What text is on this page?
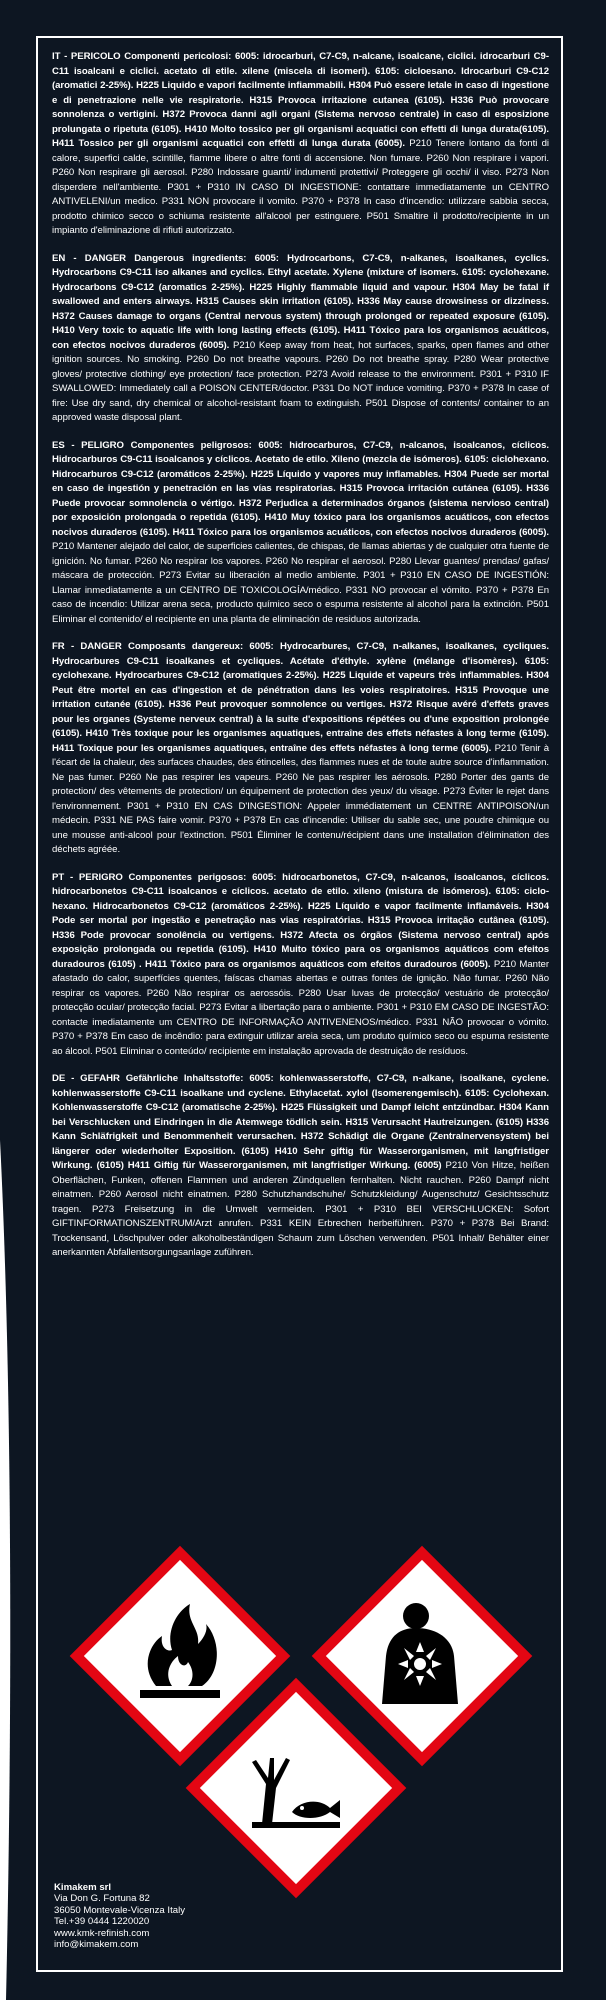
IT - PERICOLO Componenti pericolosi: 6005: idrocarburi, C7-C9, n-alcane, isoalcane, ciclici. idrocarburi C9-C11 isoalcani e ciclici. acetato di etile. xilene (miscela di isomeri). 6105: cicloesano. Idrocarburi C9-C12 (aromatici 2-25%). H225 Liquido e vapori facilmente infiammabili. H304 Può essere letale in caso di ingestione e di penetrazione nelle vie respiratorie. H315 Provoca irritazione cutanea (6105). H336 Può provocare sonnolenza o vertigini. H372 Provoca danni agli organi (Sistema nervoso centrale) in caso di esposizione prolungata o ripetuta (6105). H410 Molto tossico per gli organismi acquatici con effetti di lunga durata(6105). H411 Tossico per gli organismi acquatici con effetti di lunga durata (6005). P210 Tenere lontano da fonti di calore, superfici calde, scintille, fiamme libere o altre fonti di accensione. Non fumare. P260 Non respirare i vapori. P260 Non respirare gli aerosol. P280 Indossare guanti/ indumenti protettivi/ Proteggere gli occhi/ il viso. P273 Non disperdere nell'ambiente. P301 + P310 IN CASO DI INGESTIONE: contattare immediatamente un CENTRO ANTIVELENI/un medico. P331 NON provocare il vomito. P370 + P378 In caso d'incendio: utilizzare sabbia secca, prodotto chimico secco o schiuma resistente all'alcool per estinguere. P501 Smaltire il prodotto/recipiente in un impianto d'eliminazione di rifiuti autorizzato.

EN - DANGER Dangerous ingredients: 6005: Hydrocarbons, C7-C9, n-alkanes, isoalkanes, cyclics. Hydrocarbons C9-C11 iso alkanes and cyclics. Ethyl acetate. Xylene (mixture of isomers. 6105: cyclohexane. Hydrocarbons C9-C12 (aromatics 2-25%). H225 Highly flammable liquid and vapour. H304 May be fatal if swallowed and enters airways. H315 Causes skin irritation (6105). H336 May cause drowsiness or dizziness. H372 Causes damage to organs (Central nervous system) through prolonged or repeated exposure (6105). H410 Very toxic to aquatic life with long lasting effects (6105). H411 Tóxico para los organismos acuáticos, con efectos nocivos duraderos (6005). P210 Keep away from heat, hot surfaces, sparks, open flames and other ignition sources. No smoking. P260 Do not breathe vapours. P260 Do not breathe spray. P280 Wear protective gloves/ protective clothing/ eye protection/ face protection. P273 Avoid release to the environment. P301 + P310 IF SWALLOWED: Immediately call a POISON CENTER/doctor. P331 Do NOT induce vomiting. P370 + P378 In case of fire: Use dry sand, dry chemical or alcohol-resistant foam to extinguish. P501 Dispose of contents/ container to an approved waste disposal plant.

ES - PELIGRO Componentes peligrosos: 6005: hidrocarburos, C7-C9, n-alcanos, isoalcanos, cíclicos. Hidrocarburos C9-C11 isoalcanos y cíclicos. Acetato de etilo. Xileno (mezcla de isómeros). 6105: ciclohexano. Hidrocarburos C9-C12 (aromáticos 2-25%). H225 Líquido y vapores muy inflamables. H304 Puede ser mortal en caso de ingestión y penetración en las vías respiratorias. H315 Provoca irritación cutánea (6105). H336 Puede provocar somnolencia o vértigo. H372 Perjudica a determinados órganos (sistema nervioso central) por exposición prolongada o repetida (6105). H410 Muy tóxico para los organismos acuáticos, con efectos nocivos duraderos (6105). H411 Tóxico para los organismos acuáticos, con efectos nocivos duraderos (6005). P210 Mantener alejado del calor, de superficies calientes, de chispas, de llamas abiertas y de cualquier otra fuente de ignición. No fumar. P260 No respirar los vapores. P260 No respirar el aerosol. P280 Llevar guantes/ prendas/ gafas/ máscara de protección. P273 Evitar su liberación al medio ambiente. P301 + P310 EN CASO DE INGESTIÓN: Llamar inmediatamente a un CENTRO DE TOXICOLOGÍA/médico. P331 NO provocar el vómito. P370 + P378 En caso de incendio: Utilizar arena seca, producto químico seco o espuma resistente al alcohol para la extinción. P501 Eliminar el contenido/ el recipiente en una planta de eliminación de residuos autorizada.

FR - DANGER Composants dangereux: 6005: Hydrocarbures, C7-C9, n-alkanes, isoalkanes, cycliques. Hydrocarbures C9-C11 isoalkanes et cycliques. Acétate d'éthyle. xylène (mélange d'isomères). 6105: cyclohexane. Hydrocarbures C9-C12 (aromatiques 2-25%). H225 Liquide et vapeurs très inflammables. H304 Peut être mortel en cas d'ingestion et de pénétration dans les voies respiratoires. H315 Provoque une irritation cutanée (6105). H336 Peut provoquer somnolence ou vertiges. H372 Risque avéré d'effets graves pour les organes (Systeme nerveux central) à la suite d'expositions répétées ou d'une exposition prolongée (6105). H410 Très toxique pour les organismes aquatiques, entraîne des effets néfastes à long terme (6105). H411 Toxique pour les organismes aquatiques, entraîne des effets néfastes à long terme (6005). P210 Tenir à l'écart de la chaleur, des surfaces chaudes, des étincelles, des flammes nues et de toute autre source d'inflammation. Ne pas fumer. P260 Ne pas respirer les vapeurs. P260 Ne pas respirer les aérosols. P280 Porter des gants de protection/ des vêtements de protection/ un équipement de protection des yeux/ du visage. P273 Éviter le rejet dans l'environnement. P301 + P310 EN CAS D'INGESTION: Appeler immédiatement un CENTRE ANTIPOISON/un médecin. P331 NE PAS faire vomir. P370 + P378 En cas d'incendie: Utiliser du sable sec, une poudre chimique ou une mousse anti-alcool pour l'extinction. P501 Éliminer le contenu/récipient dans une installation d'élimination des déchets agréée.

PT - PERIGRO Componentes perigosos: 6005: hidrocarbonetos, C7-C9, n-alcanos, isoalcanos, cíclicos. hidrocarbonetos C9-C11 isoalcanos e cíclicos. acetato de etilo. xileno (mistura de isómeros). 6105: ciclo-hexano. Hidrocarbonetos C9-C12 (aromáticos 2-25%). H225 Líquido e vapor facilmente inflamáveis. H304 Pode ser mortal por ingestão e penetração nas vias respiratórias. H315 Provoca irritação cutânea (6105). H336 Pode provocar sonolência ou vertigens. H372 Afecta os órgãos (Sistema nervoso central) após exposição prolongada ou repetida (6105). H410 Muito tóxico para os organismos aquáticos com efeitos duradouros (6105) . H411 Tóxico para os organismos aquáticos com efeitos duradouros (6005). P210 Manter afastado do calor, superfícies quentes, faíscas chamas abertas e outras fontes de ignição. Não fumar. P260 Não respirar os vapores. P260 Não respirar os aerossóis. P280 Usar luvas de protecção/ vestuário de protecção/ protecção ocular/ protecção facial. P273 Evitar a libertação para o ambiente. P301 + P310 EM CASO DE INGESTÃO: contacte imediatamente um CENTRO DE INFORMAÇÃO ANTIVENENOS/médico. P331 NÃO provocar o vómito. P370 + P378 Em caso de incêndio: para extinguir utilizar areia seca, um produto químico seco ou espuma resistente ao álcool. P501 Eliminar o conteúdo/ recipiente em instalação aprovada de destruição de resíduos.

DE - GEFAHR Gefährliche Inhaltsstoffe: 6005: kohlenwasserstoffe, C7-C9, n-alkane, isoalkane, cyclene. kohlenwasserstoffe C9-C11 isoalkane und cyclene. Ethylacetat. xylol (Isomerengemisch). 6105: Cyclohexan. Kohlenwasserstoffe C9-C12 (aromatische 2-25%). H225 Flüssigkeit und Dampf leicht entzündbar. H304 Kann bei Verschlucken und Eindringen in die Atemwege tödlich sein. H315 Verursacht Hautreizungen. (6105) H336 Kann Schläfrigkeit und Benommenheit verursachen. H372 Schädigt die Organe (Zentralnervensystem) bei längerer oder wiederholter Exposition. (6105) H410 Sehr giftig für Wasserorganismen, mit langfristiger Wirkung. (6105) H411 Giftig für Wasserorganismen, mit langfristiger Wirkung. (6005) P210 Von Hitze, heißen Oberflächen, Funken, offenen Flammen und anderen Zündquellen fernhalten. Nicht rauchen. P260 Dampf nicht einatmen. P260 Aerosol nicht einatmen. P280 Schutzhandschuhe/ Schutzkleidung/ Augenschutz/ Gesichtsschutz tragen. P273 Freisetzung in die Umwelt vermeiden. P301 + P310 BEI VERSCHLUCKEN: Sofort GIFTINFORMATIONSZENTRUM/Arzt anrufen. P331 KEIN Erbrechen herbeiführen. P370 + P378 Bei Brand: Trockensand, Löschpulver oder alkoholbeständigen Schaum zum Löschen verwenden. P501 Inhalt/ Behälter einer anerkannten Abfallentsorgungsanlage zuführen.

Kimakem srl
Via Don G. Fortuna 82
36050 Montevale-Vicenza Italy
Tel.+39 0444 1220020
www.kmk-refinish.com
info@kimakem.com
